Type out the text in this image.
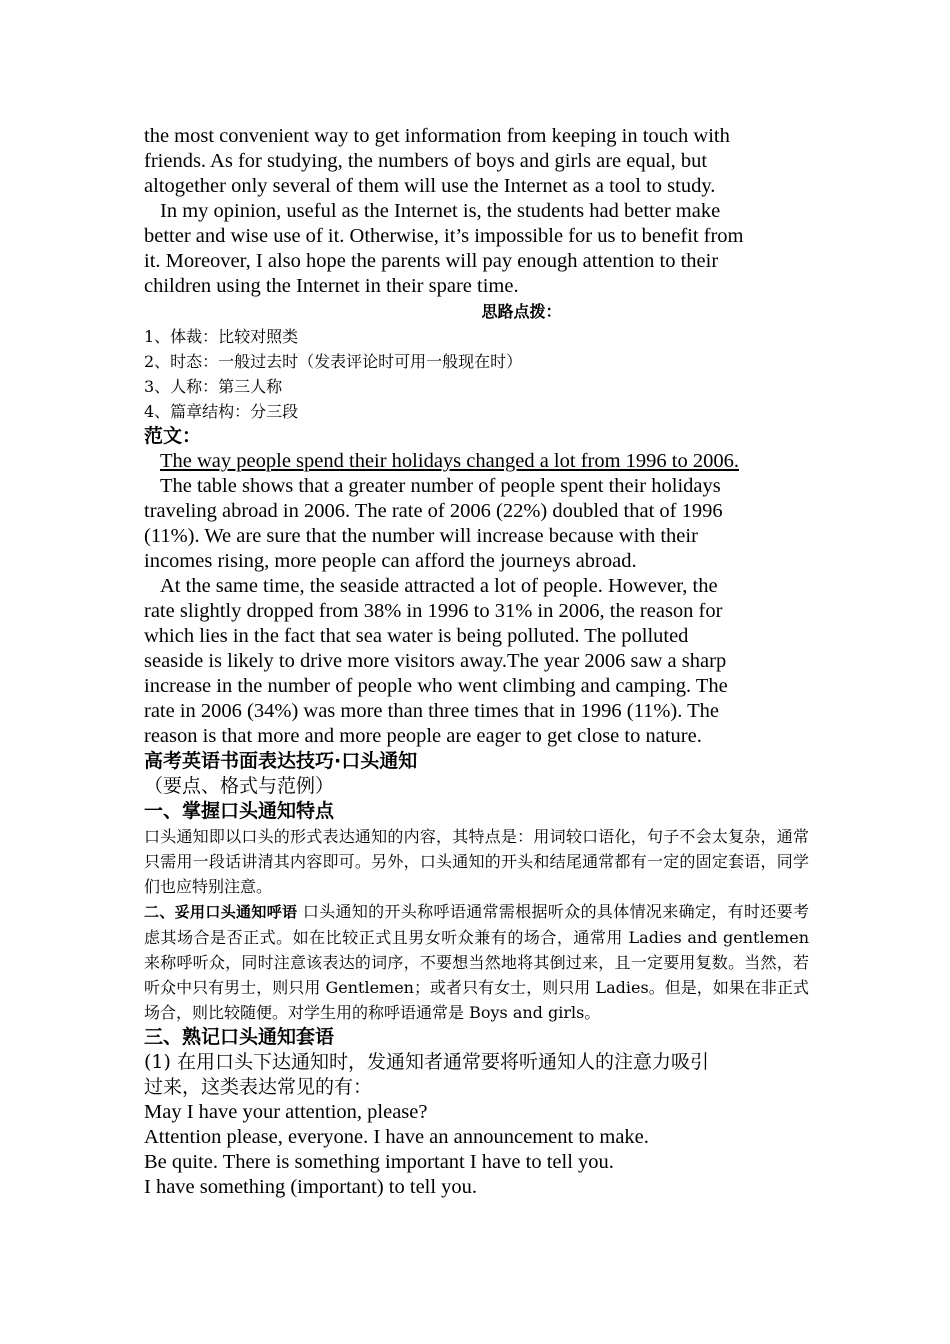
the most convenient way to get information from keeping in touch with

friends. As for studying, the numbers of boys and girls are equal, but

altogether only several of them will use the Internet as a tool to study.

In my opinion, useful as the Internet is, the students had better make

better and wise use of it. Otherwise, it’s impossible for us to benefit from

it. Moreover, I also hope the parents will pay enough attention to their

children using the Internet in their spare time.

思路点拨：

1、体裁：比较对照类

2、时态：一般过去时（发表评论时可用一般现在时）

3、人称：第三人称

4、篇章结构：分三段

范文：

The way people spend their holidays changed a lot from 1996 to 2006.

The table shows that a greater number of people spent their holidays

traveling abroad in 2006. The rate of 2006 (22%) doubled that of 1996

(11%). We are sure that the number will increase because with their

incomes rising, more people can afford the journeys abroad.

At the same time, the seaside attracted a lot of people. However, the

rate slightly dropped from 38% in 1996 to 31% in 2006, the reason for

which lies in the fact that sea water is being polluted. The polluted

seaside is likely to drive more visitors away.The year 2006 saw a sharp

increase in the number of people who went climbing and camping. The

rate in 2006 (34%) was more than three times that in 1996 (11%). The

reason is that more and more people are eager to get close to nature.

高考英语书面表达技巧·口头通知

（要点、格式与范例）

一、掌握口头通知特点

口头通知即以口头的形式表达通知的内容，其特点是：用词较口语化，句子不会太复杂，通常只需用一段话讲清其内容即可。另外，口头通知的开头和结尾通常都有一定的固定套语，同学们也应特别注意。

二、妥用口头通知呼语 口头通知的开头称呼语通常需根据听众的具体情况来确定，有时还要考虑其场合是否正式。如在比较正式且男女听众兼有的场合，通常用 Ladies and gentlemen 来称呼听众，同时注意该表达的词序，不要想当然地将其倒过来，且一定要用复数。当然，若听众中只有男士，则只用 Gentlemen；或者只有女士，则只用 Ladies。但是，如果在非正式场合，则比较随便。对学生用的称呼语通常是 Boys and girls。

三、熟记口头通知套语

(1) 在用口头下达通知时，发通知者通常要将听通知人的注意力吸引

过来，这类表达常见的有：

May I have your attention, please?

Attention please, everyone. I have an announcement to make.

Be quite. There is something important I have to tell you.

I have something (important) to tell you.
